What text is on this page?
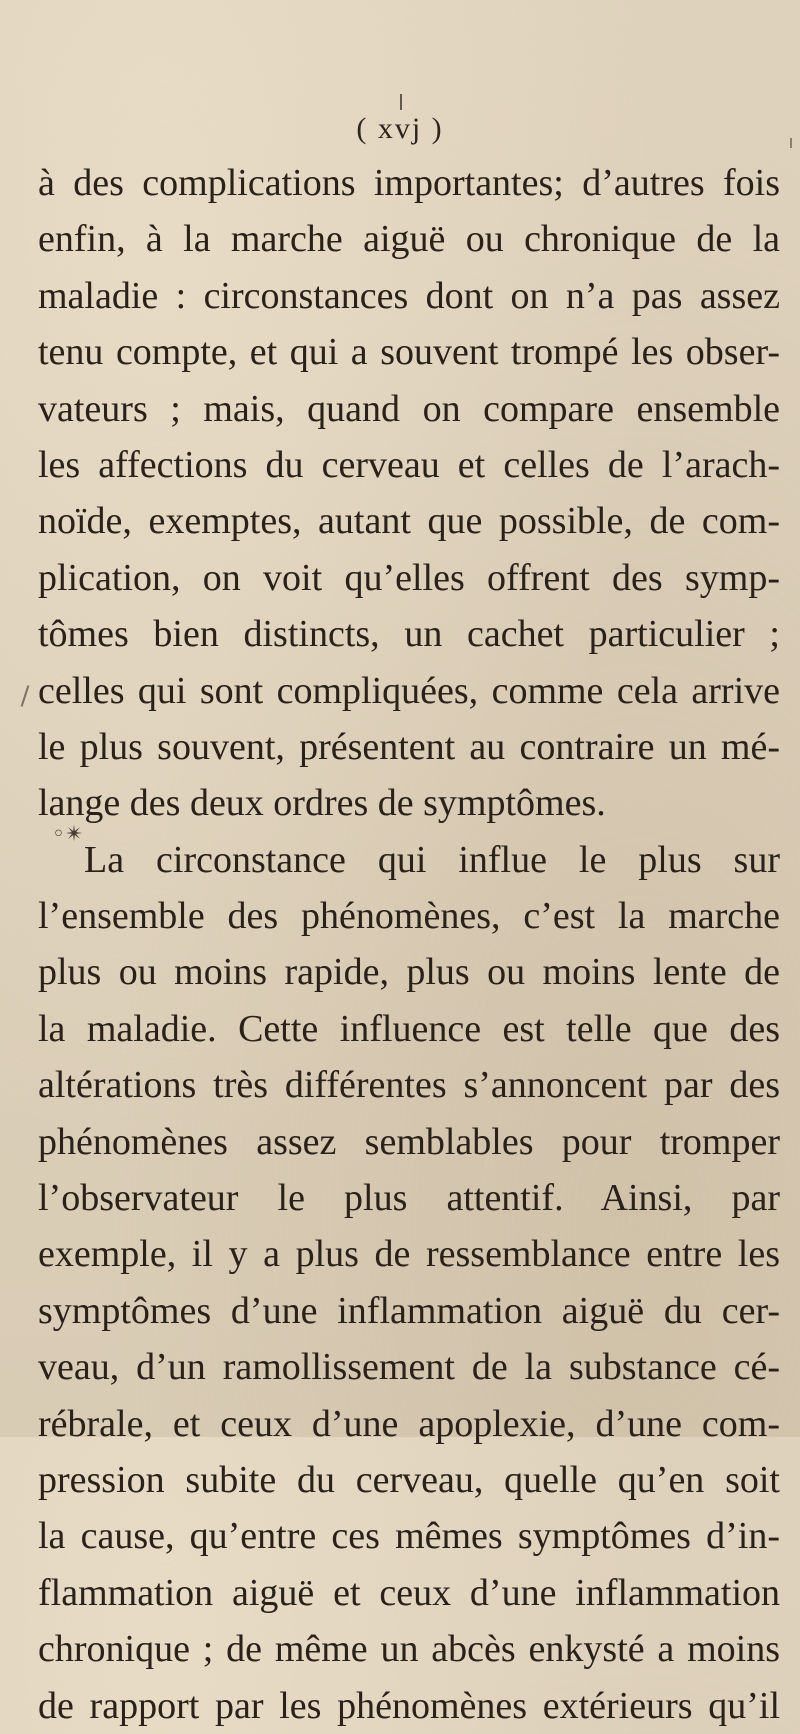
( xvj )
à des complications importantes; d’autres fois
enfin, à la marche aiguë ou chronique de la
maladie : circonstances dont on n’a pas assez
tenu compte, et qui a souvent trompé les obser-
vateurs ; mais, quand on compare ensemble
les affections du cerveau et celles de l’arach-
noïde, exemptes, autant que possible, de com-
plication, on voit qu’elles offrent des symp-
tômes bien distincts, un cachet particulier ;
celles qui sont compliquées, comme cela arrive
le plus souvent, présentent au contraire un mé-
lange des deux ordres de symptômes.
La circonstance qui influe le plus sur
l’ensemble des phénomènes, c’est la marche
plus ou moins rapide, plus ou moins lente de
la maladie. Cette influence est telle que des
altérations très différentes s’annoncent par des
phénomènes assez semblables pour tromper
l’observateur le plus attentif. Ainsi, par
exemple, il y a plus de ressemblance entre les
symptômes d’une inflammation aiguë du cer-
veau, d’un ramollissement de la substance cé-
rébrale, et ceux d’une apoplexie, d’une com-
pression subite du cerveau, quelle qu’en soit
la cause, qu’entre ces mêmes symptômes d’in-
flammation aiguë et ceux d’une inflammation
chronique ; de même un abcès enkysté a moins
de rapport par les phénomènes extérieurs qu’il
◦✴
